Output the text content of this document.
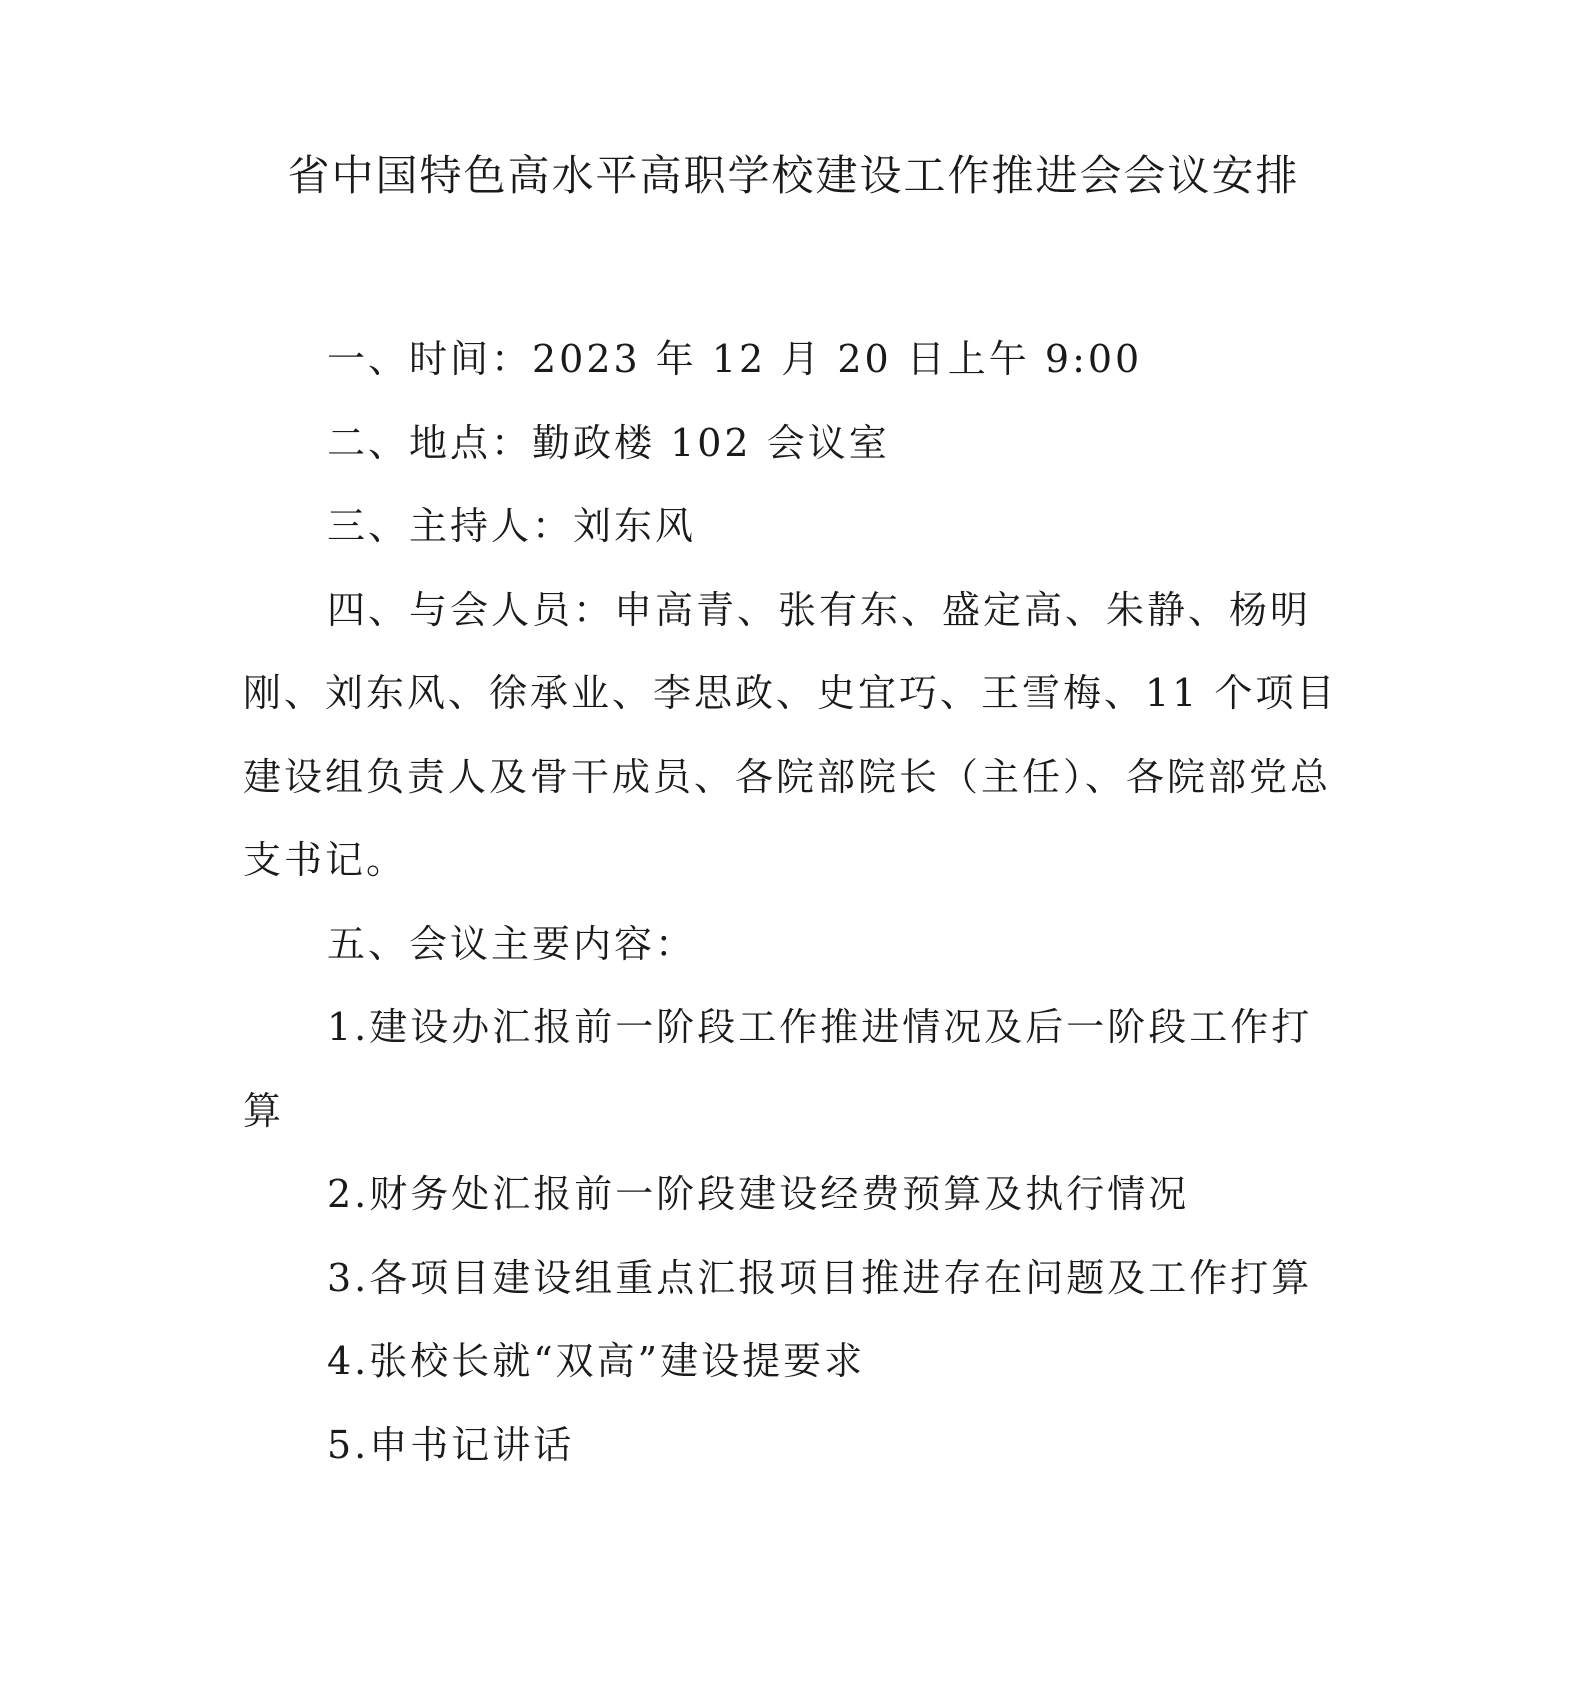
省中国特色高水平高职学校建设工作推进会会议安排

一、时间：2023 年 12 月 20 日上午 9:00

二、地点：勤政楼 102 会议室

三、主持人：刘东风

四、与会人员：申高青、张有东、盛定高、朱静、杨明刚、刘东风、徐承业、李思政、史宜巧、王雪梅、11 个项目建设组负责人及骨干成员、各院部院长（主任）、各院部党总支书记。

五、会议主要内容：

1.建设办汇报前一阶段工作推进情况及后一阶段工作打算

2.财务处汇报前一阶段建设经费预算及执行情况

3.各项目建设组重点汇报项目推进存在问题及工作打算

4.张校长就“双高”建设提要求

5.申书记讲话
